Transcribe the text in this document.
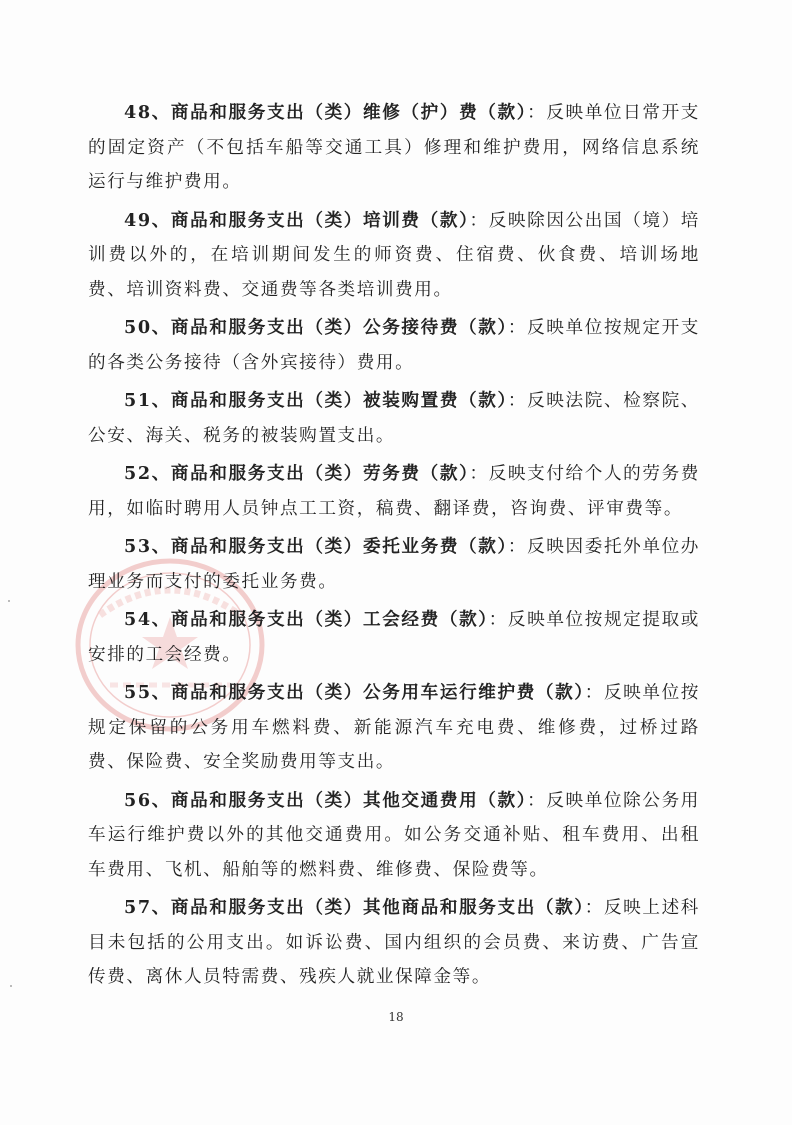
48、商品和服务支出（类）维修（护）费（款）：反映单位日常开支的固定资产（不包括车船等交通工具）修理和维护费用，网络信息系统运行与维护费用。

49、商品和服务支出（类）培训费（款）：反映除因公出国（境）培训费以外的，在培训期间发生的师资费、住宿费、伙食费、培训场地费、培训资料费、交通费等各类培训费用。

50、商品和服务支出（类）公务接待费（款）：反映单位按规定开支的各类公务接待（含外宾接待）费用。

51、商品和服务支出（类）被装购置费（款）：反映法院、检察院、公安、海关、税务的被装购置支出。

52、商品和服务支出（类）劳务费（款）：反映支付给个人的劳务费用，如临时聘用人员钟点工工资，稿费、翻译费，咨询费、评审费等。

53、商品和服务支出（类）委托业务费（款）：反映因委托外单位办理业务而支付的委托业务费。

54、商品和服务支出（类）工会经费（款）：反映单位按规定提取或安排的工会经费。

55、商品和服务支出（类）公务用车运行维护费（款）：反映单位按规定保留的公务用车燃料费、新能源汽车充电费、维修费，过桥过路费、保险费、安全奖励费用等支出。

56、商品和服务支出（类）其他交通费用（款）：反映单位除公务用车运行维护费以外的其他交通费用。如公务交通补贴、租车费用、出租车费用、飞机、船舶等的燃料费、维修费、保险费等。

57、商品和服务支出（类）其他商品和服务支出（款）：反映上述科目未包括的公用支出。如诉讼费、国内组织的会员费、来访费、广告宣传费、离休人员特需费、残疾人就业保障金等。

18
